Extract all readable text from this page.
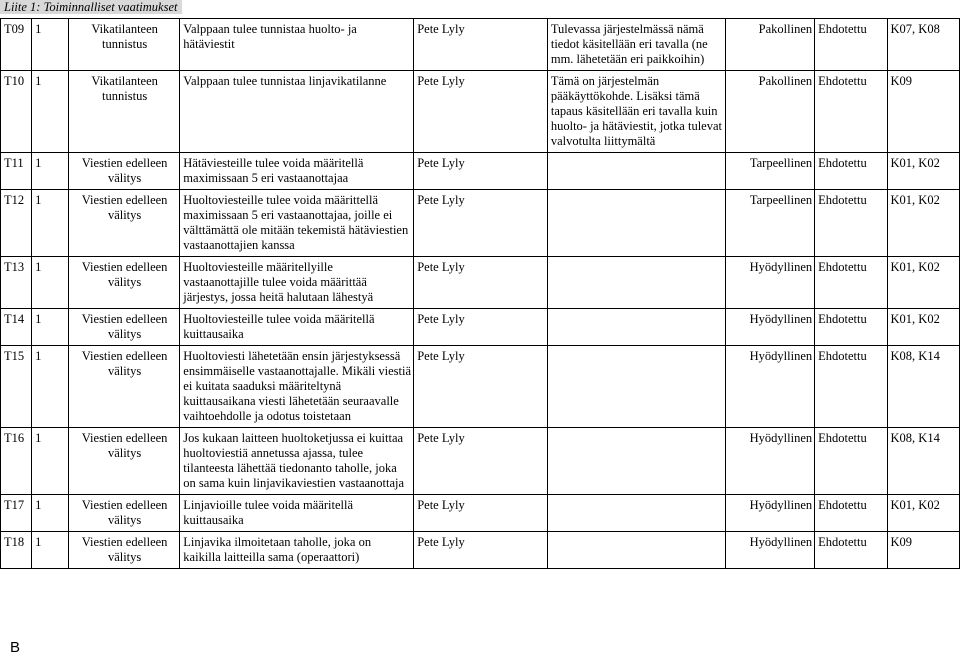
Liite 1: Toiminnalliset vaatimukset
T09	1	Vikatilanteen tunnistus	Valppaan tulee tunnistaa huolto- ja hätäviestit	Pete Lyly	Tulevassa järjestelmässä nämä tiedot käsitellään eri tavalla (ne mm. lähetetään eri paikkoihin)	Pakollinen	Ehdotettu	K07, K08
T10	1	Vikatilanteen tunnistus	Valppaan tulee tunnistaa linjavikatilanne	Pete Lyly	Tämä on järjestelmän pääkäyttökohde. Lisäksi tämä tapaus käsitellään eri tavalla kuin huolto- ja hätäviestit, jotka tulevat valvotulta liittymältä	Pakollinen	Ehdotettu	K09
T11	1	Viestien edelleen välitys	Hätäviesteille tulee voida määritellä maximissaan 5 eri vastaanottajaa	Pete Lyly		Tarpeellinen	Ehdotettu	K01, K02
T12	1	Viestien edelleen välitys	Huoltoviesteille tulee voida määrittellä maximissaan 5 eri vastaanottajaa, joille ei välttämättä ole mitään tekemistä hätäviestien vastaanottajien kanssa	Pete Lyly		Tarpeellinen	Ehdotettu	K01, K02
T13	1	Viestien edelleen välitys	Huoltoviesteille määritellyille vastaanottajille tulee voida määrittää järjestys, jossa heitä halutaan lähestyä	Pete Lyly		Hyödyllinen	Ehdotettu	K01, K02
T14	1	Viestien edelleen välitys	Huoltoviesteille tulee voida määritellä kuittausaika	Pete Lyly		Hyödyllinen	Ehdotettu	K01, K02
T15	1	Viestien edelleen välitys	Huoltoviesti lähetetään ensin järjestyksessä ensimmäiselle vastaanottajalle. Mikäli viestiä ei kuitata saaduksi määriteltynä kuittausaikana viesti lähetetään seuraavalle vaihtoehdolle ja odotus toistetaan	Pete Lyly		Hyödyllinen	Ehdotettu	K08, K14
T16	1	Viestien edelleen välitys	Jos kukaan laitteen huoltoketjussa ei kuittaa huoltoviestiä annetussa ajassa, tulee tilanteesta lähettää tiedonanto taholle, joka on sama kuin linjavikaviestien vastaanottaja	Pete Lyly		Hyödyllinen	Ehdotettu	K08, K14
T17	1	Viestien edelleen välitys	Linjavioille tulee voida määritellä kuittausaika	Pete Lyly		Hyödyllinen	Ehdotettu	K01, K02
T18	1	Viestien edelleen välitys	Linjavika ilmoitetaan taholle, joka on kaikilla laitteilla sama (operaattori)	Pete Lyly		Hyödyllinen	Ehdotettu	K09
B
